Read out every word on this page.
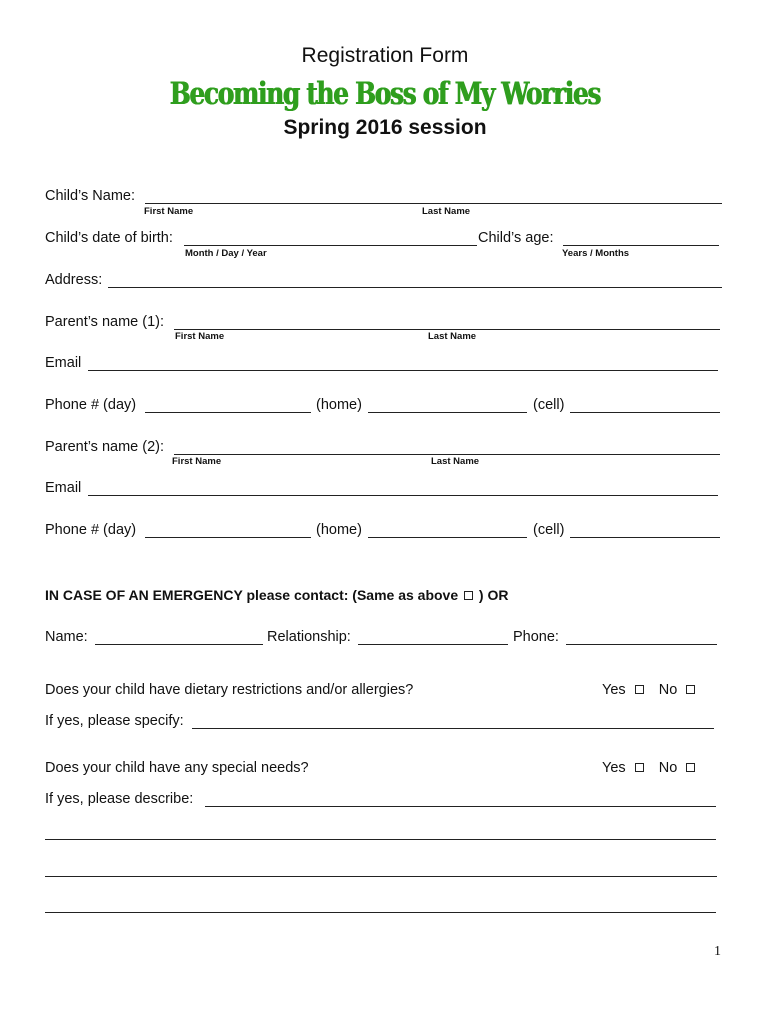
Registration Form
Becoming the Boss of My Worries
Spring 2016 session
Child’s Name:
First Name	Last Name
Child’s date of birth:
Month / Day / Year
Child’s age:
Years / Months
Address:
Parent’s name (1):
First Name	Last Name
Email
Phone # (day)	(home)	(cell)
Parent’s name (2):
First Name	Last Name
Email
Phone # (day)	(home)	(cell)
IN CASE OF AN EMERGENCY please contact: (Same as above ) OR
Name:	Relationship:	Phone:
Does your child have dietary restrictions and/or allergies?	Yes No
If yes, please specify:
Does your child have any special needs?	Yes No
If yes, please describe:
1
